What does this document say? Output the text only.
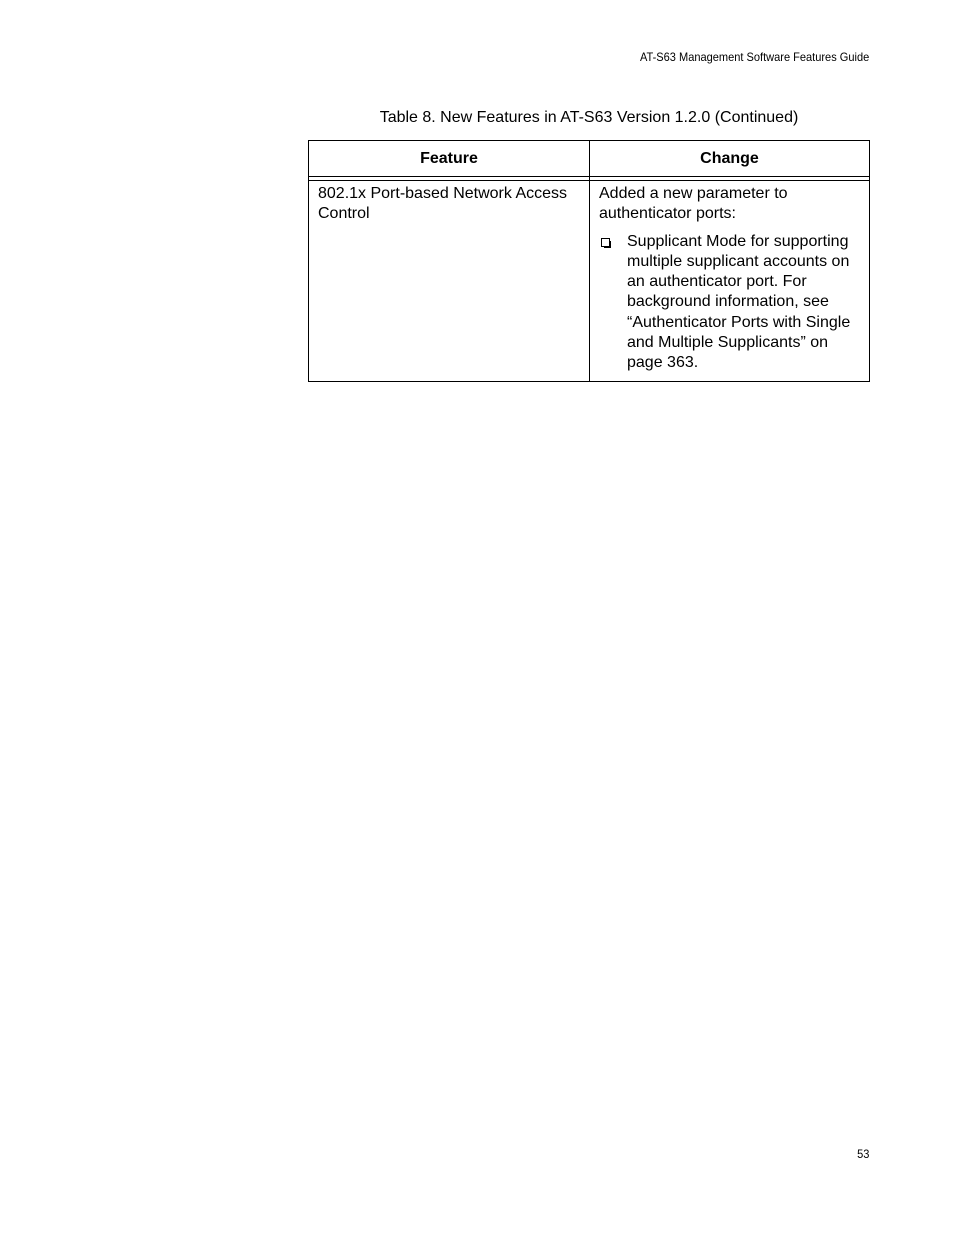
AT-S63 Management Software Features Guide
Table 8. New Features in AT-S63 Version 1.2.0 (Continued)
Feature	Change
802.1x Port-based Network Access Control

Added a new parameter to authenticator ports:

Supplicant Mode for supporting multiple supplicant accounts on an authenticator port. For background information, see “Authenticator Ports with Single and Multiple Supplicants” on page 363.
53
